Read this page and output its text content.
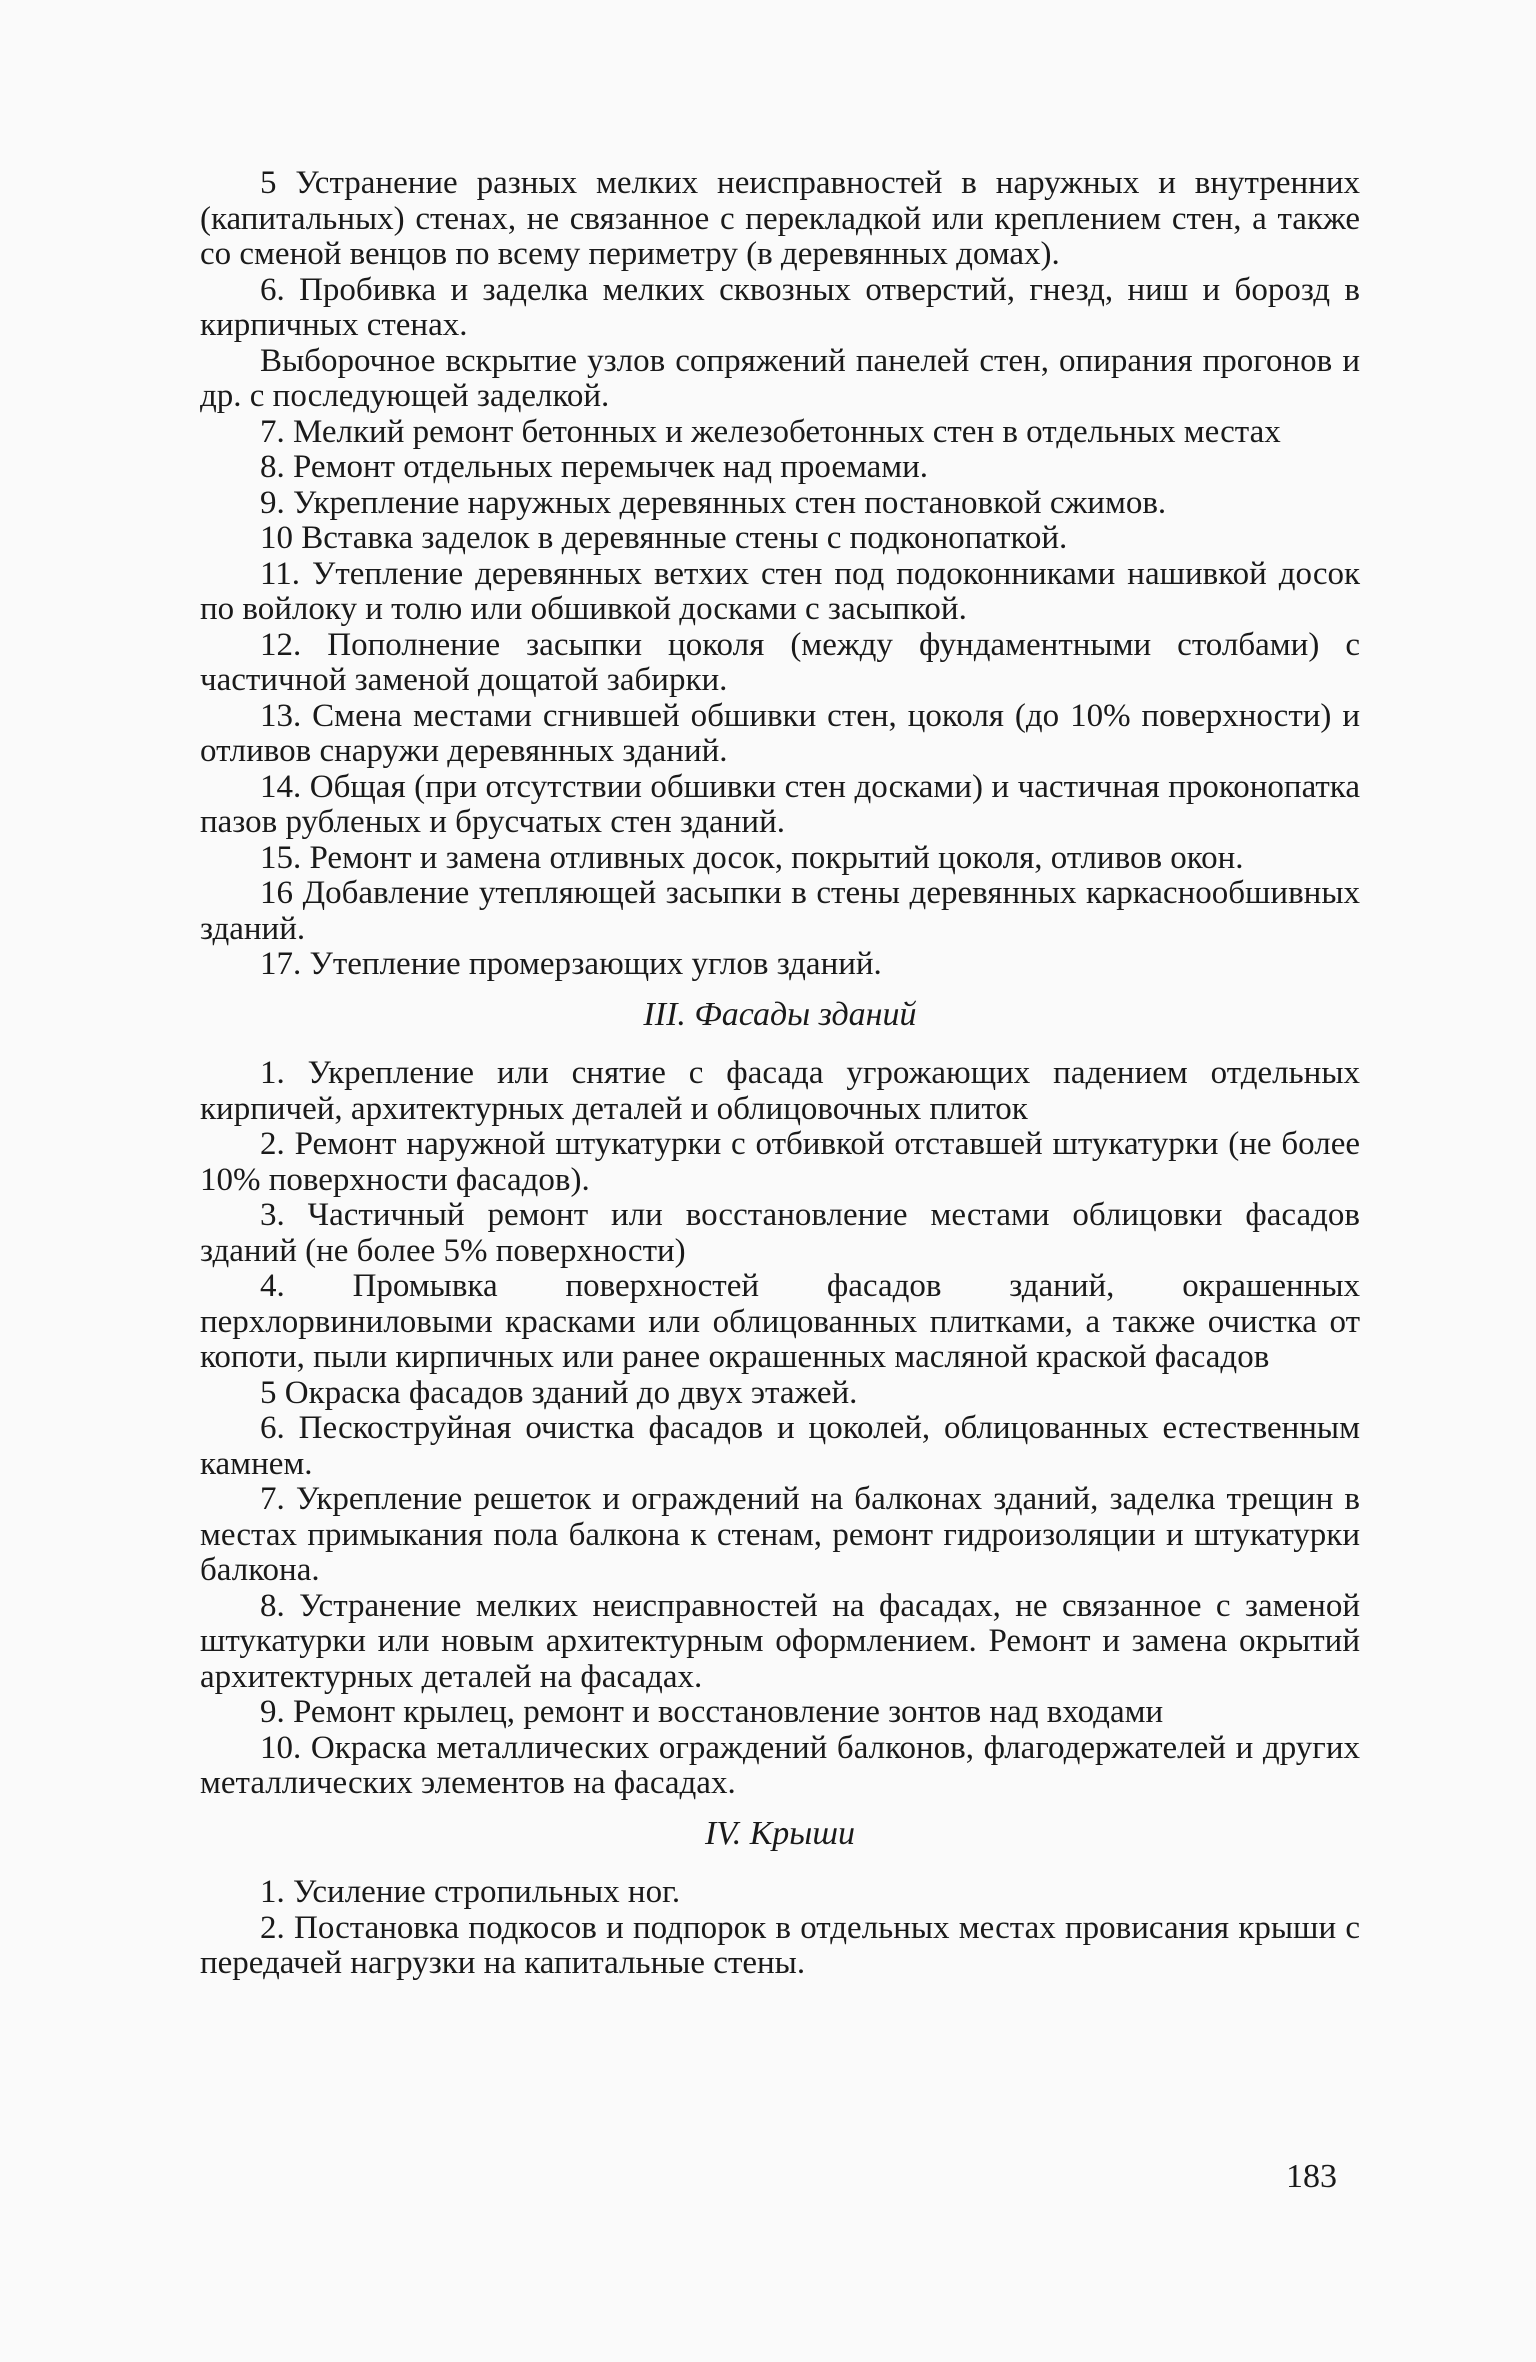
5 Устранение разных мелких неисправностей в наружных и внутренних (капитальных) стенах, не связанное с перекладкой или креплением стен, а также со сменой венцов по всему периметру (в деревянных домах).

6. Пробивка и заделка мелких сквозных отверстий, гнезд, ниш и борозд в кирпичных стенах.

Выборочное вскрытие узлов сопряжений панелей стен, опирания прогонов и др. с последующей заделкой.

7. Мелкий ремонт бетонных и железобетонных стен в отдельных местах

8. Ремонт отдельных перемычек над проемами.

9. Укрепление наружных деревянных стен постановкой сжимов.

10 Вставка заделок в деревянные стены с подконопаткой.

11. Утепление деревянных ветхих стен под подоконниками нашивкой досок по войлоку и толю или обшивкой досками с засыпкой.

12. Пополнение засыпки цоколя (между фундаментными столбами) с частичной заменой дощатой забирки.

13. Смена местами сгнившей обшивки стен, цоколя (до 10% поверхности) и отливов снаружи деревянных зданий.

14. Общая (при отсутствии обшивки стен досками) и частичная проконопатка пазов рубленых и брусчатых стен зданий.

15. Ремонт и замена отливных досок, покрытий цоколя, отливов окон.

16 Добавление утепляющей засыпки в стены деревянных каркаснообшивных зданий.

17. Утепление промерзающих углов зданий.

III. Фасады зданий

1. Укрепление или снятие с фасада угрожающих падением отдельных кирпичей, архитектурных деталей и облицовочных плиток

2. Ремонт наружной штукатурки с отбивкой отставшей штукатурки (не более 10% поверхности фасадов).

3. Частичный ремонт или восстановление местами облицовки фасадов зданий (не более 5% поверхности)

4. Промывка поверхностей фасадов зданий, окрашенных перхлорвиниловыми красками или облицованных плитками, а также очистка от копоти, пыли кирпичных или ранее окрашенных масляной краской фасадов

5 Окраска фасадов зданий до двух этажей.

6. Пескоструйная очистка фасадов и цоколей, облицованных естественным камнем.

7. Укрепление решеток и ограждений на балконах зданий, заделка трещин в местах примыкания пола балкона к стенам, ремонт гидроизоляции и штукатурки балкона.

8. Устранение мелких неисправностей на фасадах, не связанное с заменой штукатурки или новым архитектурным оформлением. Ремонт и замена окрытий архитектурных деталей на фасадах.

9. Ремонт крылец, ремонт и восстановление зонтов над входами

10. Окраска металлических ограждений балконов, флагодержателей и других металлических элементов на фасадах.

IV. Крыши

1. Усиление стропильных ног.

2. Постановка подкосов и подпорок в отдельных местах провисания крыши с передачей нагрузки на капитальные стены.

183
